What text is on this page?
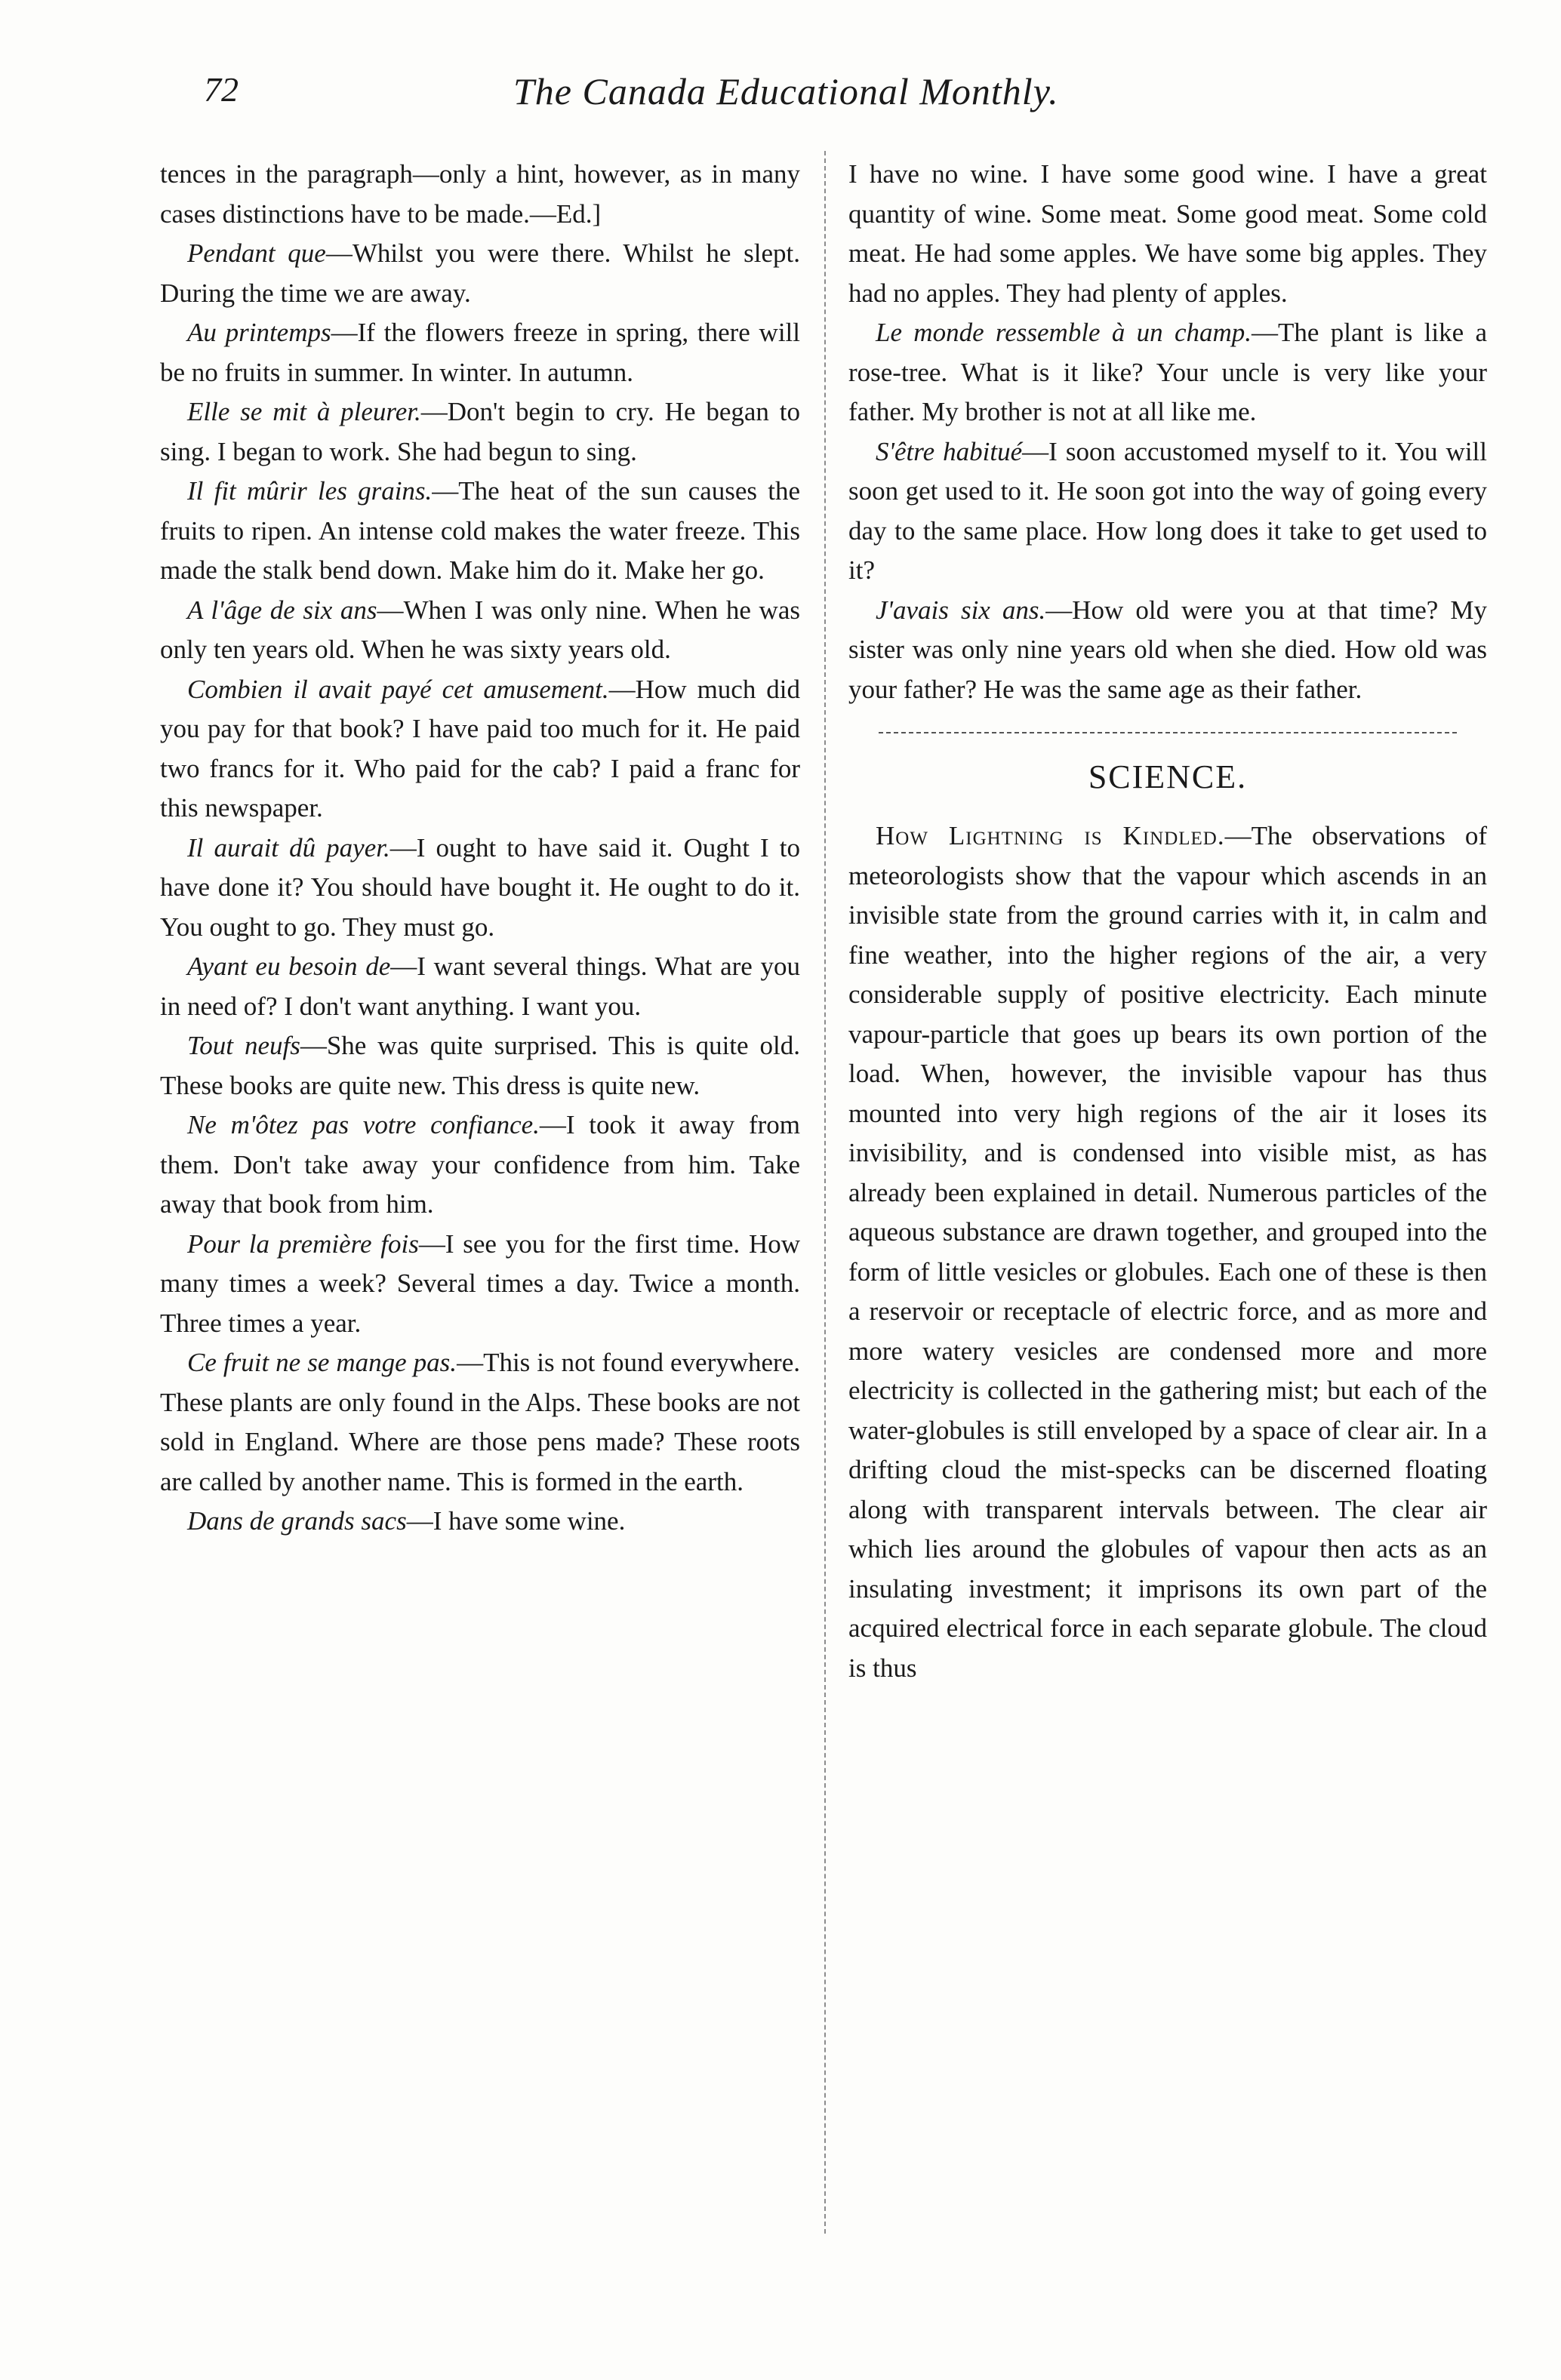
72	The Canada Educational Monthly.

tences in the paragraph—only a hint, however, as in many cases distinctions have to be made.—Ed.]

Pendant que—Whilst you were there. Whilst he slept. During the time we are away.

Au printemps—If the flowers freeze in spring, there will be no fruits in summer. In winter. In autumn.

Elle se mit à pleurer.—Don't begin to cry. He began to sing. I began to work. She had begun to sing.

Il fit mûrir les grains.—The heat of the sun causes the fruits to ripen. An intense cold makes the water freeze. This made the stalk bend down. Make him do it. Make her go.

A l'âge de six ans—When I was only nine. When he was only ten years old. When he was sixty years old.

Combien il avait payé cet amusement.—How much did you pay for that book? I have paid too much for it. He paid two francs for it. Who paid for the cab? I paid a franc for this newspaper.

Il aurait dû payer.—I ought to have said it. Ought I to have done it? You should have bought it. He ought to do it. You ought to go. They must go.

Ayant eu besoin de—I want several things. What are you in need of? I don't want anything. I want you.

Tout neufs—She was quite surprised. This is quite old. These books are quite new. This dress is quite new.

Ne m'ôtez pas votre confiance.—I took it away from them. Don't take away your confidence from him. Take away that book from him.

Pour la première fois—I see you for the first time. How many times a week? Several times a day. Twice a month. Three times a year.

Ce fruit ne se mange pas.—This is not found everywhere. These plants are only found in the Alps. These books are not sold in England. Where are those pens made? These roots are called by another name. This is formed in the earth.

Dans de grands sacs—I have some wine.

I have no wine. I have some good wine. I have a great quantity of wine. Some meat. Some good meat. Some cold meat. He had some apples. We have some big apples. They had no apples. They had plenty of apples.

Le monde ressemble à un champ.—The plant is like a rose-tree. What is it like? Your uncle is very like your father. My brother is not at all like me.

S'être habitué—I soon accustomed myself to it. You will soon get used to it. He soon got into the way of going every day to the same place. How long does it take to get used to it?

J'avais six ans.—How old were you at that time? My sister was only nine years old when she died. How old was your father? He was the same age as their father.

SCIENCE.

How Lightning is Kindled.—The observations of meteorologists show that the vapour which ascends in an invisible state from the ground carries with it, in calm and fine weather, into the higher regions of the air, a very considerable supply of positive electricity. Each minute vapour-particle that goes up bears its own portion of the load. When, however, the invisible vapour has thus mounted into very high regions of the air it loses its invisibility, and is condensed into visible mist, as has already been explained in detail. Numerous particles of the aqueous substance are drawn together, and grouped into the form of little vesicles or globules. Each one of these is then a reservoir or receptacle of electric force, and as more and more watery vesicles are condensed more and more electricity is collected in the gathering mist; but each of the water-globules is still enveloped by a space of clear air. In a drifting cloud the mist-specks can be discerned floating along with transparent intervals between. The clear air which lies around the globules of vapour then acts as an insulating investment; it imprisons its own part of the acquired electrical force in each separate globule. The cloud is thus
